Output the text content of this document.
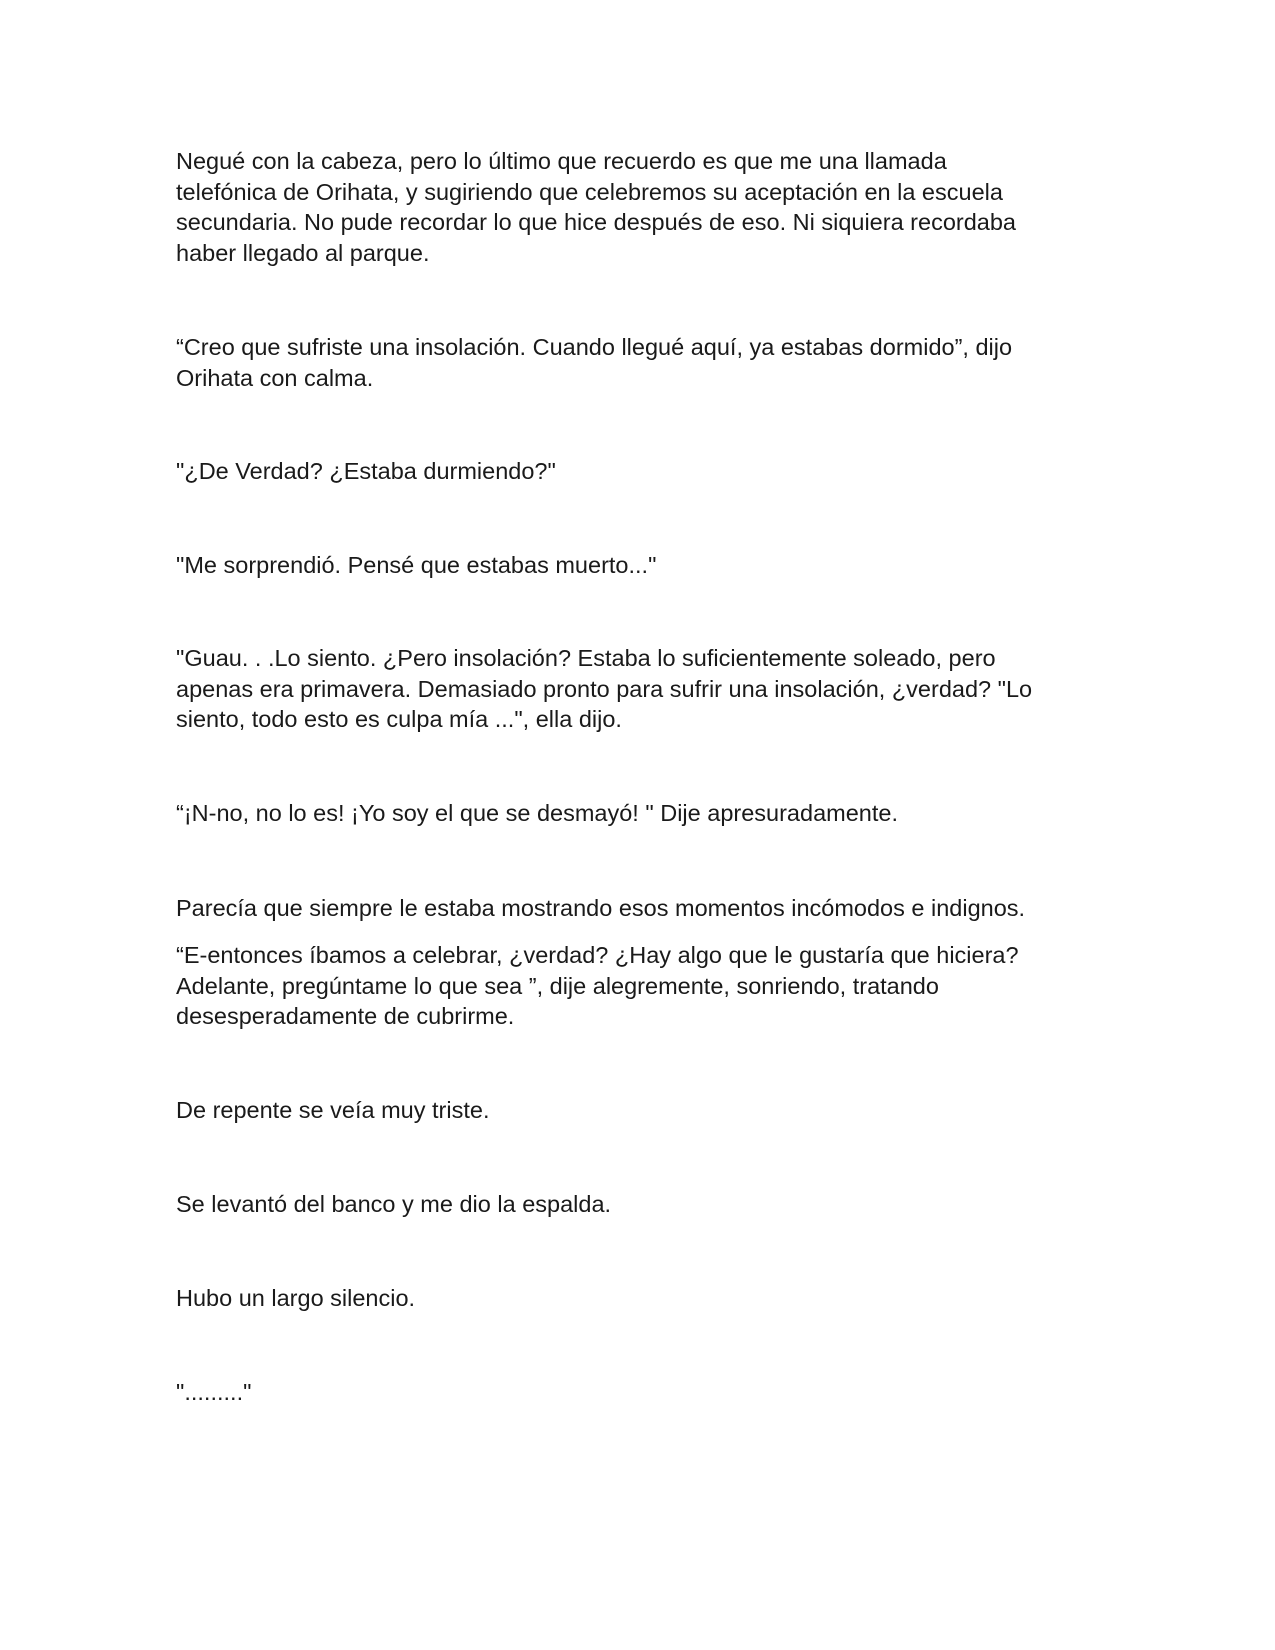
Negué con la cabeza, pero lo último que recuerdo es que me una llamada
telefónica de Orihata, y sugiriendo que celebremos su aceptación en la escuela
secundaria. No pude recordar lo que hice después de eso. Ni siquiera recordaba
haber llegado al parque.
“Creo que sufriste una insolación. Cuando llegué aquí, ya estabas dormido”, dijo
Orihata con calma.
"¿De Verdad? ¿Estaba durmiendo?"
"Me sorprendió. Pensé que estabas muerto..."
"Guau. . .Lo siento. ¿Pero insolación? Estaba lo suficientemente soleado, pero
apenas era primavera. Demasiado pronto para sufrir una insolación, ¿verdad? "Lo
siento, todo esto es culpa mía ...", ella dijo.
“¡N-no, no lo es! ¡Yo soy el que se desmayó! " Dije apresuradamente.
Parecía que siempre le estaba mostrando esos momentos incómodos e indignos.
“E-entonces íbamos a celebrar, ¿verdad? ¿Hay algo que le gustaría que hiciera?
Adelante, pregúntame lo que sea ”, dije alegremente, sonriendo, tratando
desesperadamente de cubrirme.
De repente se veía muy triste.
Se levantó del banco y me dio la espalda.
Hubo un largo silencio.
"........."
